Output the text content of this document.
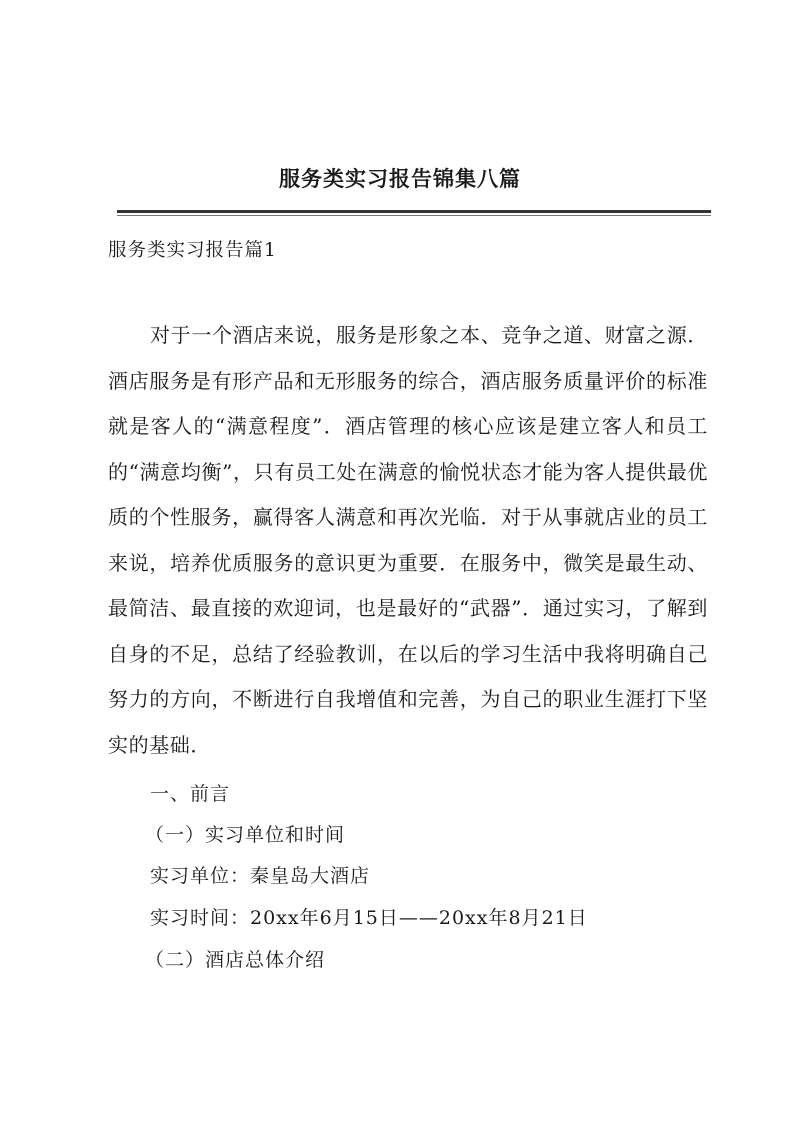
服务类实习报告锦集八篇
服务类实习报告篇1
对于一个酒店来说，服务是形象之本、竞争之道、财富之源．酒店服务是有形产品和无形服务的综合，酒店服务质量评价的标准就是客人的“满意程度”．酒店管理的核心应该是建立客人和员工的“满意均衡”，只有员工处在满意的愉悦状态才能为客人提供最优质的个性服务，赢得客人满意和再次光临．对于从事就店业的员工来说，培养优质服务的意识更为重要．在服务中，微笑是最生动、最简洁、最直接的欢迎词，也是最好的“武器”．通过实习，了解到自身的不足，总结了经验教训，在以后的学习生活中我将明确自己努力的方向，不断进行自我增值和完善，为自己的职业生涯打下坚实的基础．
一、前言
（一）实习单位和时间
实习单位：秦皇岛大酒店
实习时间：20xx年6月15日——20xx年8月21日
（二）酒店总体介绍
